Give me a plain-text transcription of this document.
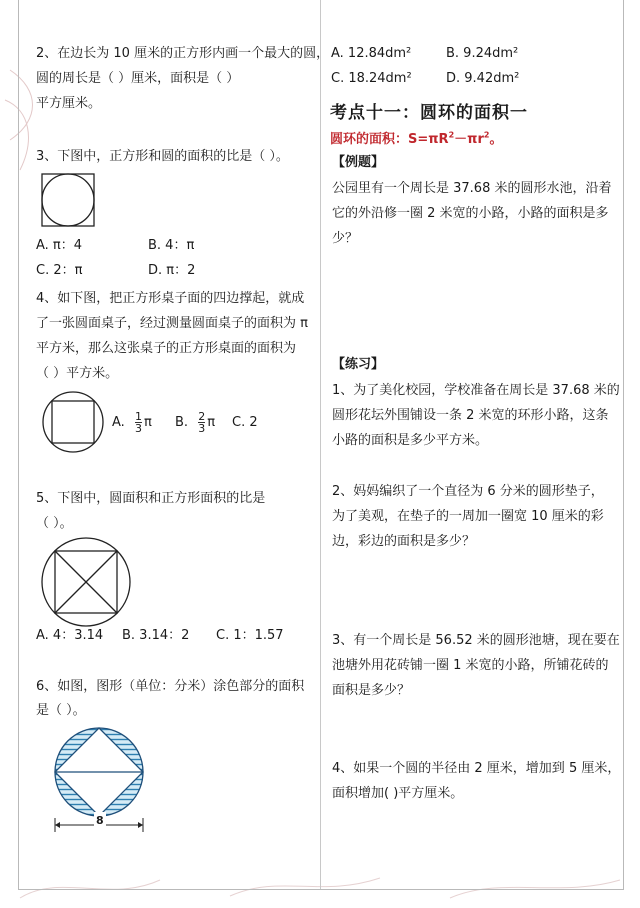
2、在边长为 10 厘米的正方形内画一个最大的圆，
圆的周长是（ ）厘米，面积是（ ）
平方厘米。
3、下图中，正方形和圆的面积的比是（ ）。
A. π：4	B. 4：π
C. 2：π	D. π：2
4、如下图，把正方形桌子面的四边撑起，就成
了一张圆面桌子，经过测量圆面桌子的面积为 π
平方米，那么这张桌子的正方形桌面的面积为
（ ）平方米。
A. $\frac{1}{3}$ π B. $\frac{2}{3}$ π C. 2
5、下图中，圆面积和正方形面积的比是
（ ）。
A. 4：3.14 B. 3.14：2 C. 1：1.57
6、如图，图形（单位：分米）涂色部分的面积
是（ ）。
8
A. 12.84dm²	B. 9.24dm²
C. 18.24dm²	D. 9.42dm²
考点十一：圆环的面积一
圆环的面积：$S=\pi R^2-\pi r^2$。
【例题】
公园里有一个周长是 37.68 米的圆形水池，沿着
它的外沿修一圈 2 米宽的小路，小路的面积是多
少？
【练习】
1、为了美化校园，学校准备在周长是 37.68 米的
圆形花坛外围铺设一条 2 米宽的环形小路，这条
小路的面积是多少平方米。
2、妈妈编织了一个直径为 6 分米的圆形垫子，
为了美观，在垫子的一周加一圈宽 10 厘米的彩
边，彩边的面积是多少？
3、有一个周长是 56.52 米的圆形池塘，现在要在
池塘外用花砖铺一圈 1 米宽的小路，所铺花砖的
面积是多少？
4、如果一个圆的半径由 2 厘米，增加到 5 厘米，
面积增加( )平方厘米。
